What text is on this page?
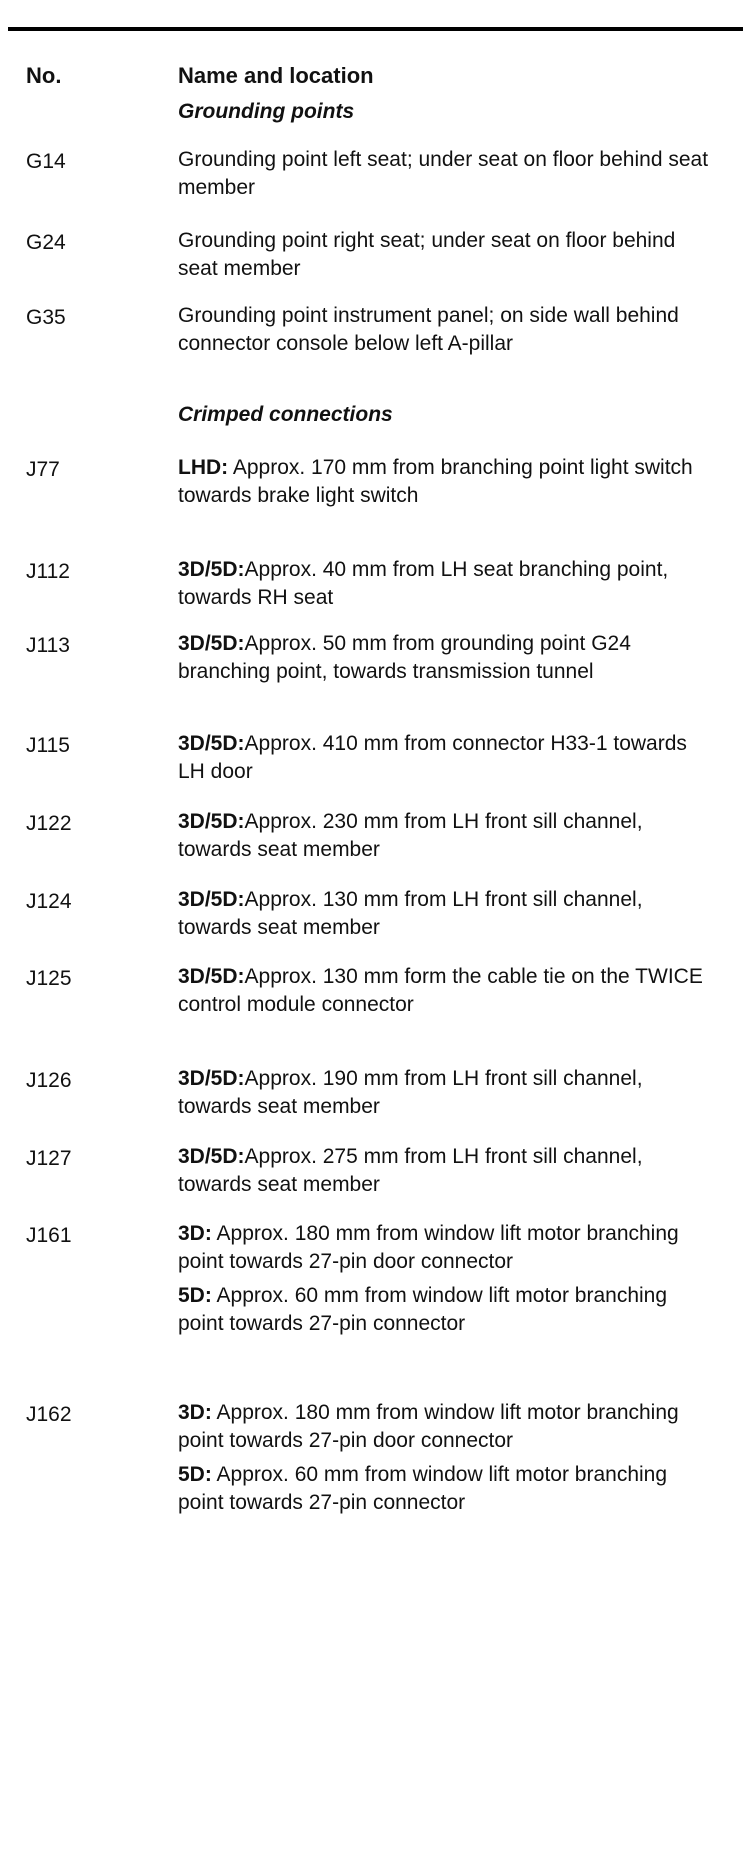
No.	Name and location
Grounding points
G14	Grounding point left seat; under seat on floor behind seat member

G24	Grounding point right seat; under seat on floor behind seat member

G35	Grounding point instrument panel; on side wall behind connector console below left A-pillar

Crimped connections
J77	LHD: Approx. 170 mm from branching point light switch towards brake light switch

J112	3D/5D:Approx. 40 mm from LH seat branching point, towards RH seat

J113	3D/5D:Approx. 50 mm from grounding point G24 branching point, towards transmission tunnel

J115	3D/5D:Approx. 410 mm from connector H33-1 towards LH door

J122	3D/5D:Approx. 230 mm from LH front sill channel, towards seat member

J124	3D/5D:Approx. 130 mm from LH front sill channel, towards seat member

J125	3D/5D:Approx. 130 mm form the cable tie on the TWICE control module connector

J126	3D/5D:Approx. 190 mm from LH front sill channel, towards seat member

J127	3D/5D:Approx. 275 mm from LH front sill channel, towards seat member

J161	3D: Approx. 180 mm from window lift motor branching point towards 27-pin door connector

5D: Approx. 60 mm from window lift motor branching point towards 27-pin connector

J162	3D: Approx. 180 mm from window lift motor branching point towards 27-pin door connector

5D: Approx. 60 mm from window lift motor branching point towards 27-pin connector
